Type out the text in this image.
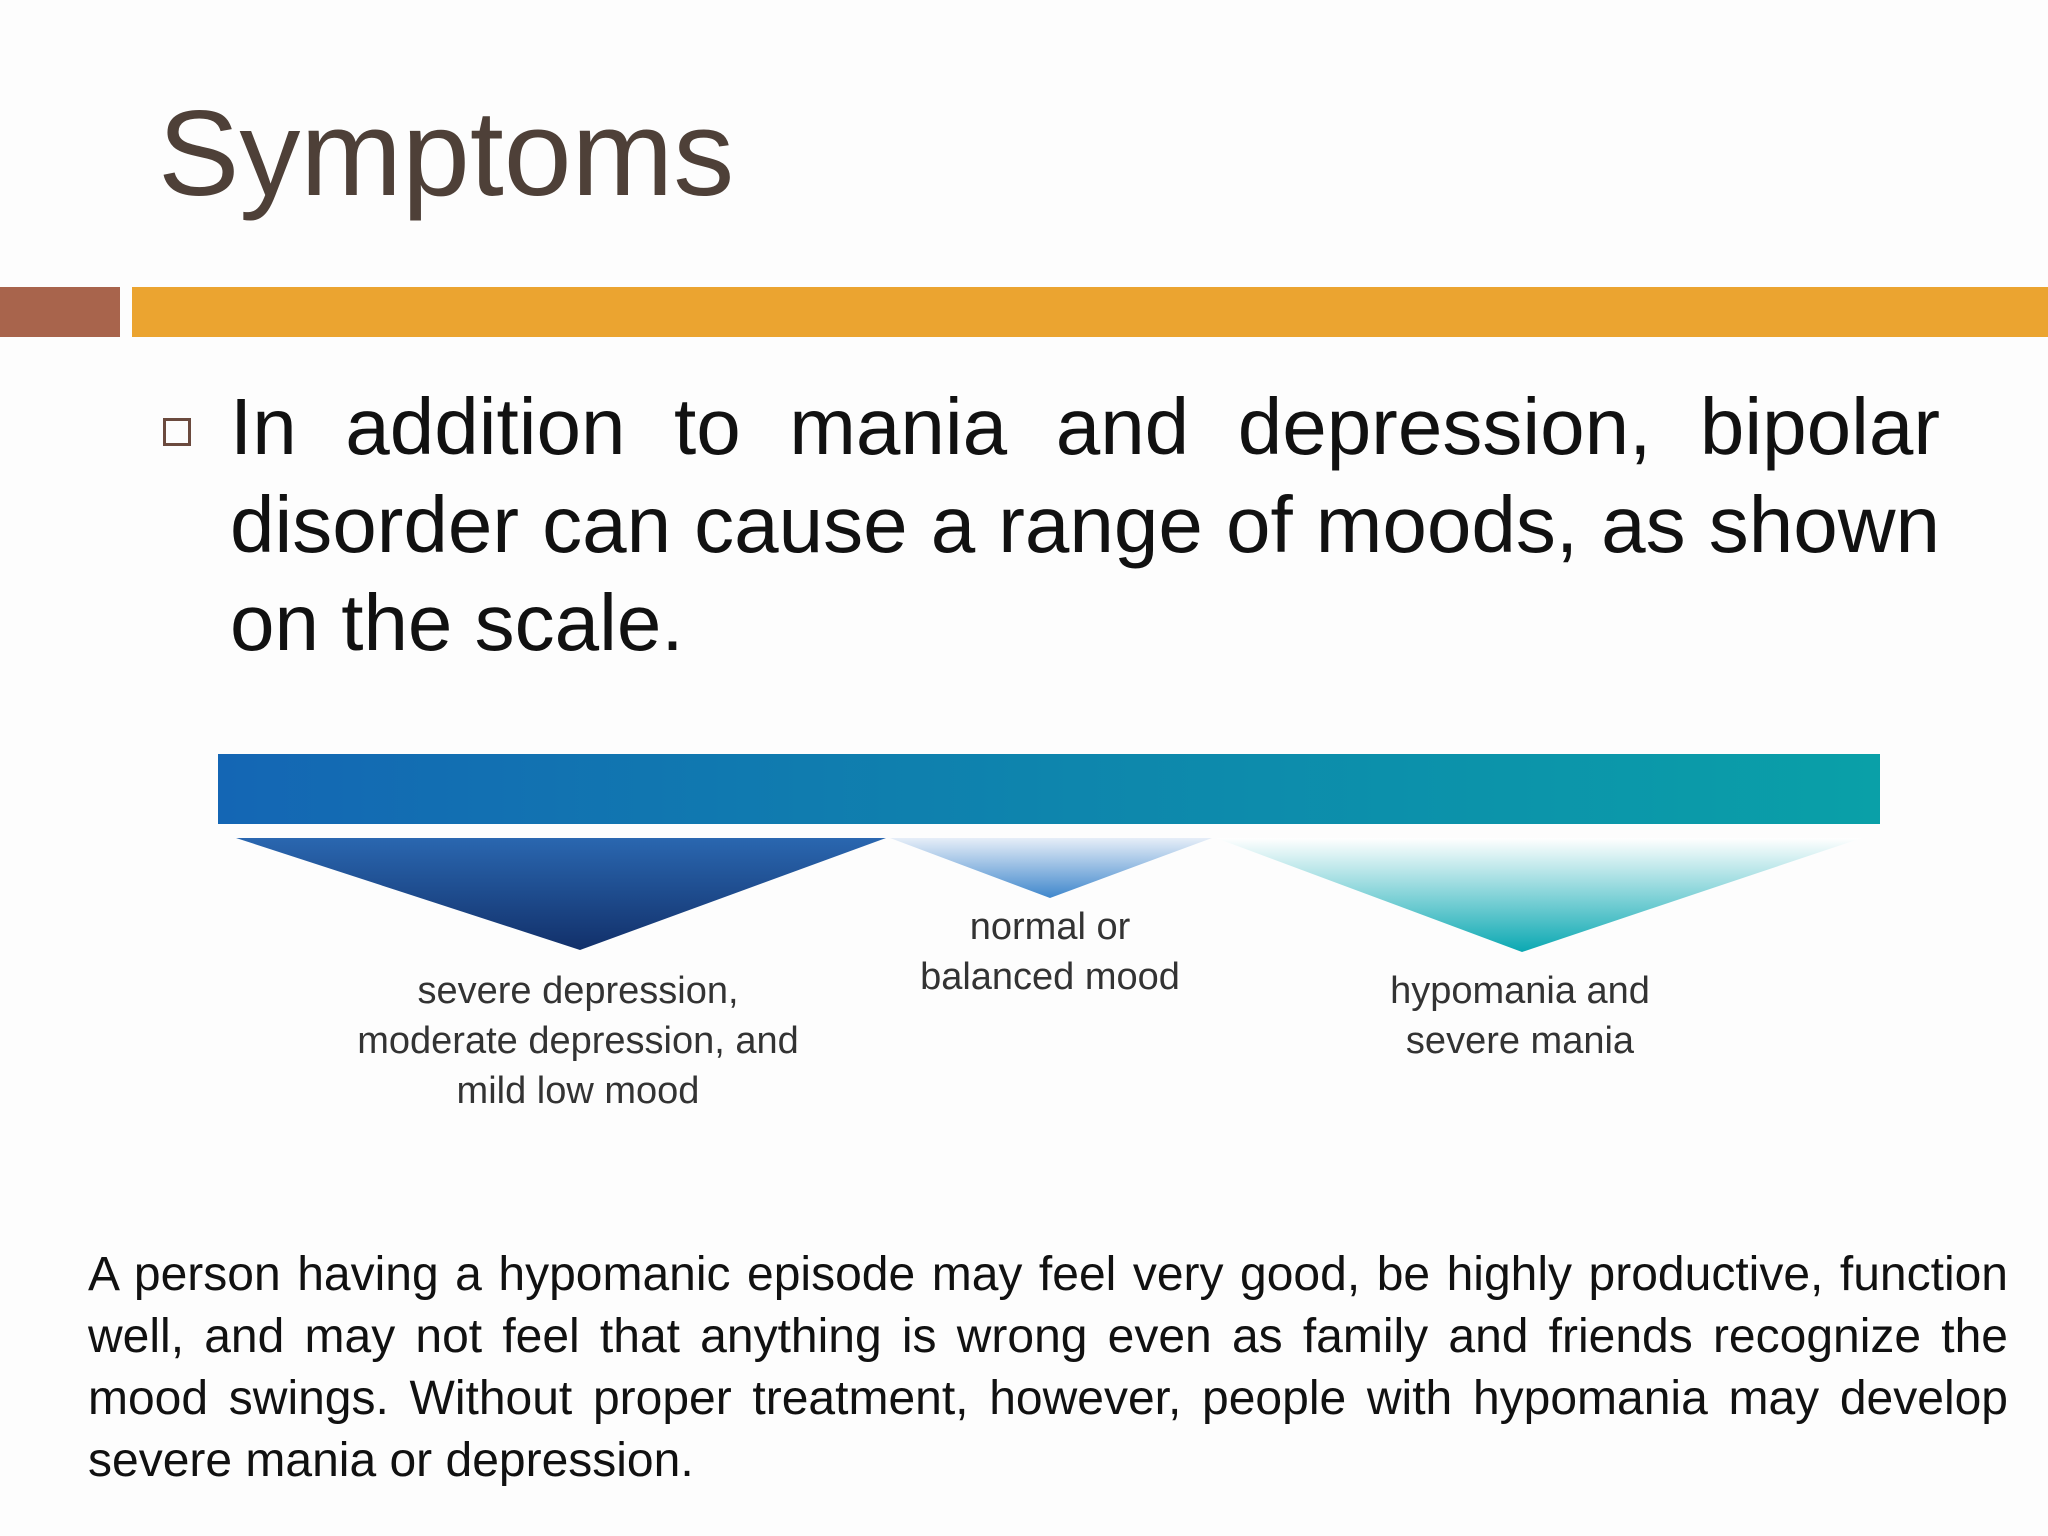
Symptoms
In addition to mania and depression, bipolar disorder can cause a range of moods, as shown on the scale.
normal or
balanced mood
severe depression,
moderate depression, and
mild low mood
hypomania and
severe mania
A person having a hypomanic episode may feel very good, be highly productive, function well, and may not feel that anything is wrong even as family and friends recognize the mood swings. Without proper treatment, however, people with hypomania may develop severe mania or depression.
